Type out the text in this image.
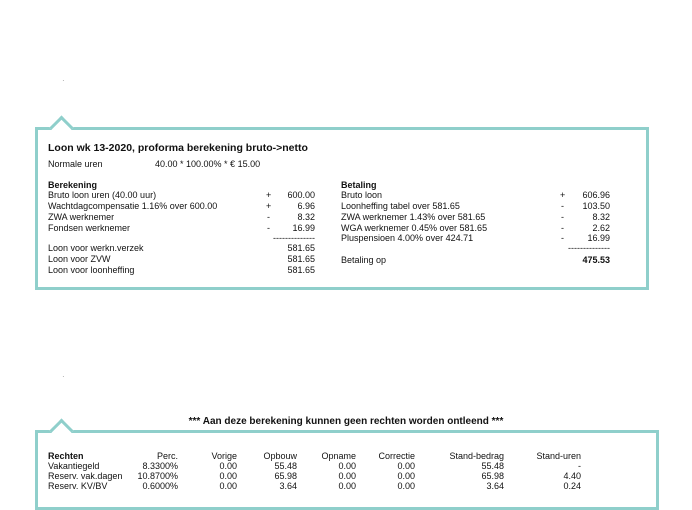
·
·
Loon wk 13-2020, proforma berekening bruto->netto
Normale uren	40.00 * 100.00% * € 15.00
Berekening
Bruto loon uren (40.00 uur)	+ 600.00
Wachtdagcompensatie 1.16% over 600.00	+	6.96
ZWA werknemer	-	8.32
Fondsen werknemer	- 16.99
--------------
Loon voor werkn.verzek	581.65
Loon voor ZVW	581.65
Loon voor loonheffing	581.65
Betaling
Bruto loon	+ 606.96
Loonheffing tabel over 581.65	- 103.50
ZWA werknemer 1.43% over 581.65	-	8.32
WGA werknemer 0.45% over 581.65	-	2.62
Pluspensioen 4.00% over 424.71	-	16.99
--------------
Betaling op	475.53
*** Aan deze berekening kunnen geen rechten worden ontleend ***
Rechten	Perc.	Vorige	Opbouw	Opname Correctie	Stand-bedrag	Stand-uren
Vakantiegeld	8.3300%	0.00	55.48	0.00	0.00	55.48	-
Reserv. vak.dagen 10.8700%	0.00	65.98	0.00	0.00	65.98	4.40
Reserv. KV/BV	0.6000%	0.00	3.64	0.00	0.00	3.64	0.24
